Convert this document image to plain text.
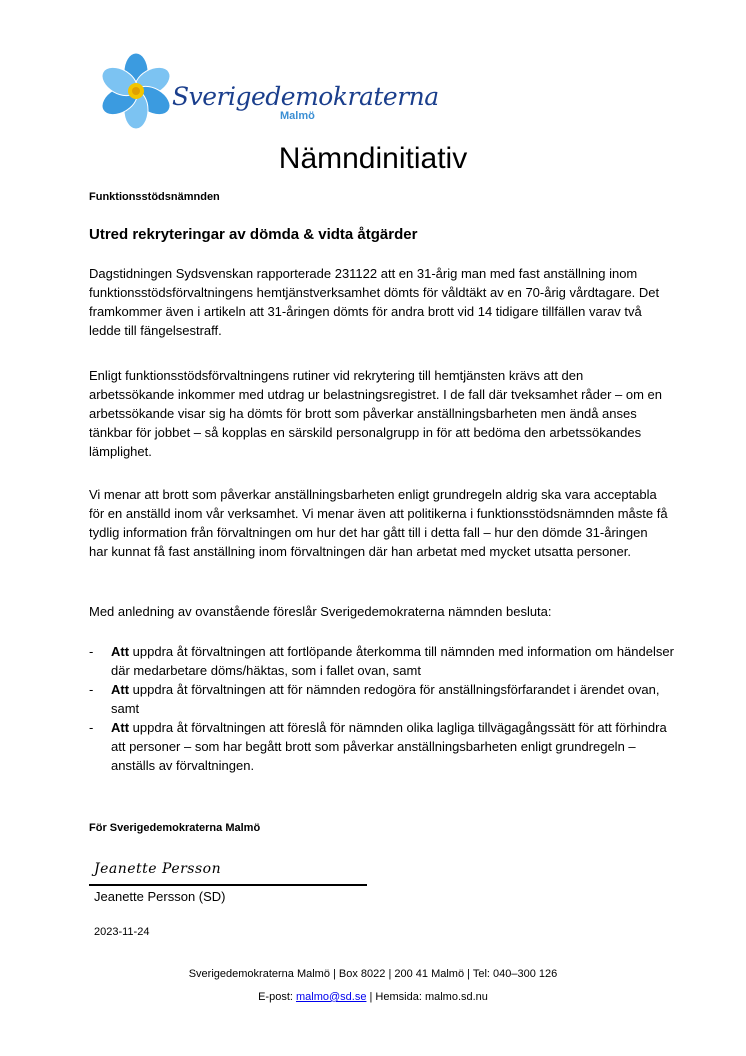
Sverigedemokraterna
Malmö
Nämndinitiativ
Funktionsstödsnämnden
Utred rekryteringar av dömda & vidta åtgärder

Dagstidningen Sydsvenskan rapporterade 231122 att en 31-årig man med fast anställning inom funktionsstödsförvaltningens hemtjänstverksamhet dömts för våldtäkt av en 70-årig vårdtagare. Det framkommer även i artikeln att 31-åringen dömts för andra brott vid 14 tidigare tillfällen varav två ledde till fängelsestraff.

Enligt funktionsstödsförvaltningens rutiner vid rekrytering till hemtjänsten krävs att den arbetssökande inkommer med utdrag ur belastningsregistret. I de fall där tveksamhet råder – om en arbetssökande visar sig ha dömts för brott som påverkar anställningsbarheten men ändå anses tänkbar för jobbet – så kopplas en särskild personalgrupp in för att bedöma den arbetssökandes lämplighet.

Vi menar att brott som påverkar anställningsbarheten enligt grundregeln aldrig ska vara acceptabla för en anställd inom vår verksamhet. Vi menar även att politikerna i funktionsstödsnämnden måste få tydlig information från förvaltningen om hur det har gått till i detta fall – hur den dömde 31-åringen har kunnat få fast anställning inom förvaltningen där han arbetat med mycket utsatta personer.

Med anledning av ovanstående föreslår Sverigedemokraterna nämnden besluta:

- Att uppdra åt förvaltningen att fortlöpande återkomma till nämnden med information om händelser där medarbetare döms/häktas, som i fallet ovan, samt
- Att uppdra åt förvaltningen att för nämnden redogöra för anställningsförfarandet i ärendet ovan, samt
- Att uppdra åt förvaltningen att föreslå för nämnden olika lagliga tillvägagångssätt för att förhindra att personer – som har begått brott som påverkar anställningsbarheten enligt grundregeln – anställs av förvaltningen.
För Sverigedemokraterna Malmö
Jeanette Persson
Jeanette Persson (SD)
2023-11-24
Sverigedemokraterna Malmö | Box 8022 | 200 41 Malmö | Tel: 040–300 126
E-post: malmo@sd.se | Hemsida: malmo.sd.nu
